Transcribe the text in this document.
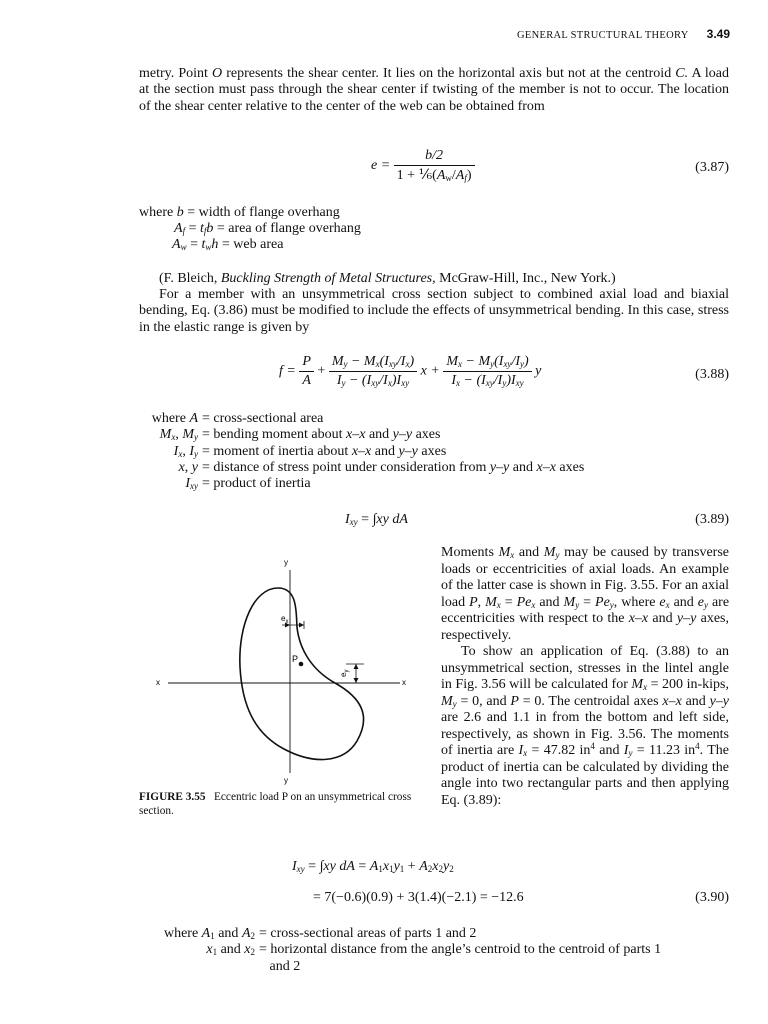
GENERAL STRUCTURAL THEORY 3.49
metry. Point O represents the shear center. It lies on the horizontal axis but not at the centroid C. A load at the section must pass through the shear center if twisting of the member is not to occur. The location of the shear center relative to the center of the web can be obtained from
$e = \frac{b/2}{1 + \frac{1}{6}(A_w/A_f)}$	(3.87)
where b = width of flange overhang
$A_f = t_fb$ = area of flange overhang
$A_w = t_wh$ = web area
(F. Bleich, Buckling Strength of Metal Structures, McGraw-Hill, Inc., New York.)
For a member with an unsymmetrical cross section subject to combined axial load and biaxial bending, Eq. (3.86) must be modified to include the effects of unsymmetrical bending. In this case, stress in the elastic range is given by
$f = \frac{P}{A} + \frac{M_y - M_x(I_{xy}/I_x)}{I_y - (I_{xy}/I_x)I_{xy}}$ $x + \frac{M_x - M_y(I_{xy}/I_y)}{I_x - (I_{xy}/I_y)I_{xy}}$ y	(3.88)
where A = cross-sectional area
$M_x$, $M_y$ = bending moment about x–x and y–y axes
$I_x$, $I_y$ = moment of inertia about x–x and y–y axes
x, y = distance of stress point under consideration from y–y and x–x axes
$I_{xy}$ = product of inertia
$I_{xy} = \int xy$ dA	(3.89)
y
y
x	x
$e_x$
$e_y$
P
FIGURE 3.55 Eccentric load P on an unsymmetrical cross section.

Moments $M_x$ and $M_y$ may be caused by transverse loads or eccentricities of axial loads. An example of the latter case is shown in Fig. 3.55. For an axial load P, $M_x = Pe_x$ and $M_y = Pe_y$, where $e_x$ and $e_y$ are eccentricities with respect to the x–x and y–y axes, respectively.

To show an application of Eq. (3.88) to an unsymmetrical section, stresses in the lintel angle in Fig. 3.56 will be calculated for $M_x = 200$ in-kips, $M_y = 0$, and P = 0. The centroidal axes x–x and y–y are 2.6 and 1.1 in from the bottom and left side, respectively, as shown in Fig. 3.56. The moments of inertia are $I_x = 47.82$ $in^4$ and $I_y = 11.23$ $in^4$. The product of inertia can be calculated by dividing the angle into two rectangular parts and then applying Eq. (3.89):

$I_{xy} = \int xy$ dA = $A_1x_1y_1 + A_2x_2y_2$
= 7(−0.6)(0.9) + 3(1.4)(−2.1) = −12.6	(3.90)
where $A_1$ and $A_2$ = cross-sectional areas of parts 1 and 2
$x_1$ and $x_2$ = horizontal distance from the angle’s centroid to the centroid of parts 1
and 2
